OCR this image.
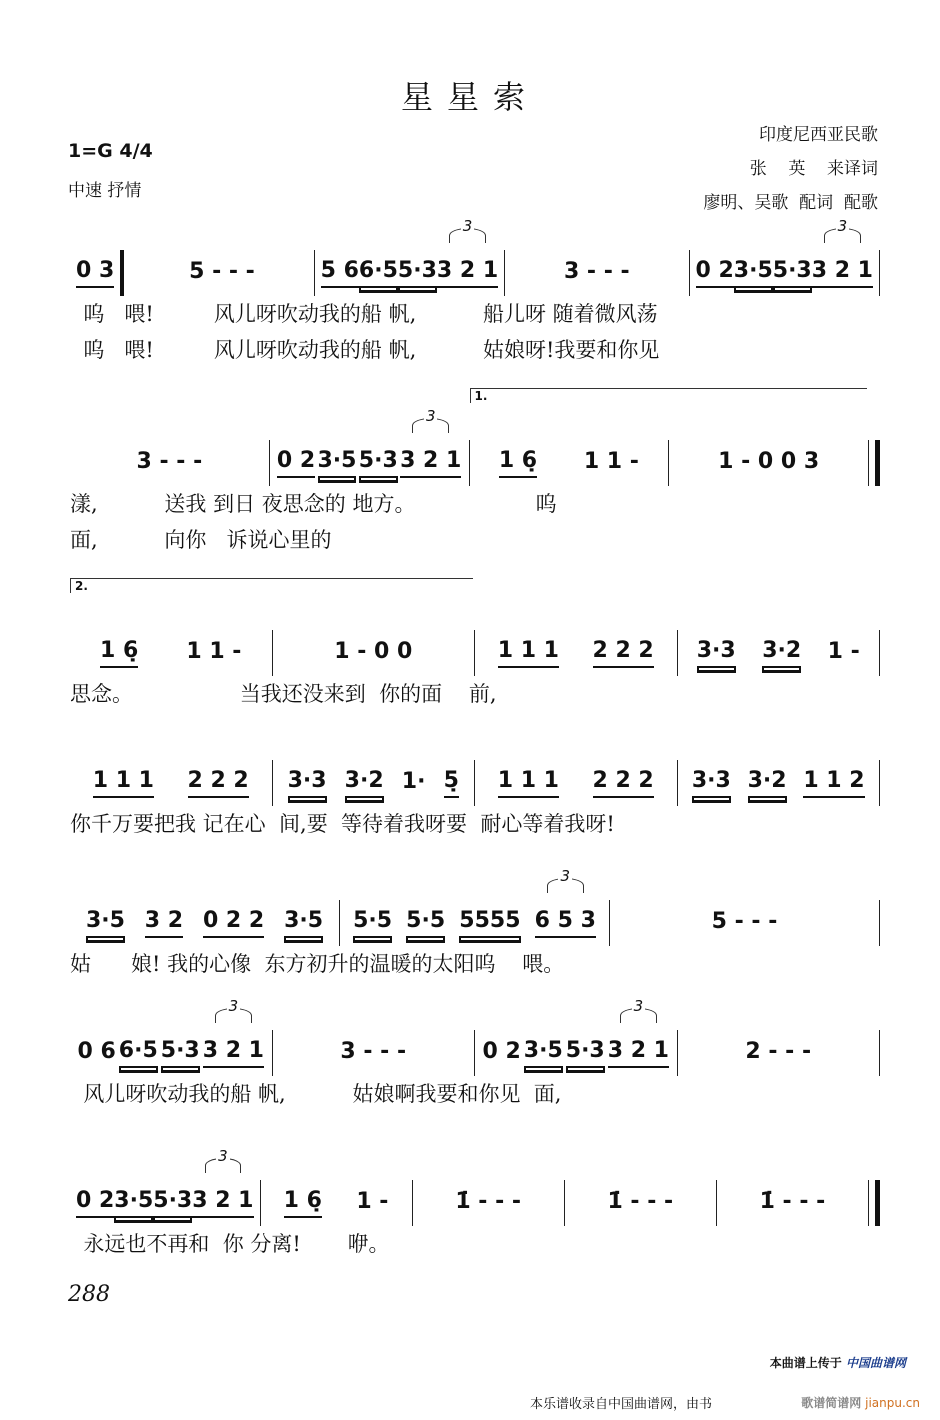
星星索
1=G 4/4
中速 抒情
印度尼西亚民歌
张    英    来译词
廖明、吴歌  配词  配歌
0 3	5 - - -	5 6 6·5 5·3 3 2 1
3
3 - - -	0 2 3·5 5·3 3 2 1
3
呜   喂!         风儿呀吹动我的船 帆,          船儿呀 随着微风荡
呜   喂!         风儿呀吹动我的船 帆,          姑娘呀!我要和你见
3 - - -	0 2 3·5 5·3 3 2 1
3
1.
1 6̣ 1 1 -	1 - 0 0 3
漾,          送我 到日 夜思念的 地方。                  呜
面,          向你   诉说心里的
2.
1 6̣ 1 1 -	1 - 0 0	1 1 1 2 2 2 3·3 3·2 1 -
思念。                当我还没来到  你的面    前,
1 1 1 2 2 2 3·3 3·2 1· 5̣ 1 1 1 2 2 2 3·3 3·2 1 1 2
你千万要把我 记在心  间,要  等待着我呀要  耐心等着我呀!
3·5 3 2 0 2 2 3·5 5·5 5·5 5555 6 5 3
3
5 - - -
姑      娘! 我的心像  东方初升的温暖的太阳呜    喂。
0 6 6·5 5·3 3 2 1
3
3 - - -	0 2 3·5 5·3 3 2 1
3
2 - - -
风儿呀吹动我的船 帆,          姑娘啊我要和你见  面,
0 2 3·5 5·3 3 2 1
3
1 6̣ 1 -	1̇ - - -	1̇ - - -	1̇ - - -
永远也不再和  你 分离!       咿。
288
本曲谱上传于 中国曲谱网
本乐谱收录自中国曲谱网，由书	歌谱简谱网 jianpu.cn
